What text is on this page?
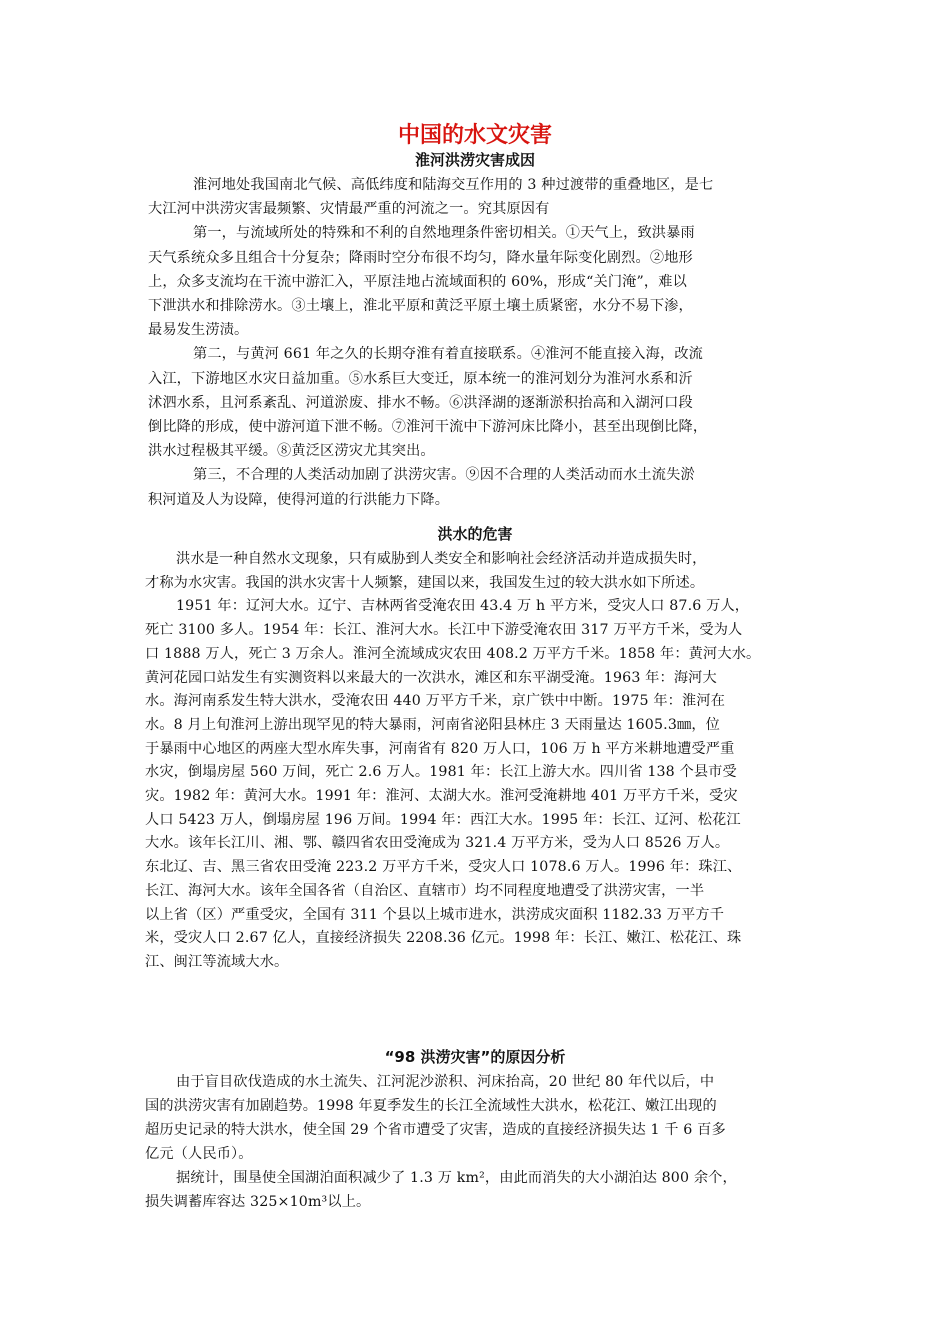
中国的水文灾害
淮河洪涝灾害成因
淮河地处我国南北气候、高低纬度和陆海交互作用的 3 种过渡带的重叠地区，是七
大江河中洪涝灾害最频繁、灾情最严重的河流之一。究其原因有
第一，与流域所处的特殊和不利的自然地理条件密切相关。①天气上，致洪暴雨
天气系统众多且组合十分复杂；降雨时空分布很不均匀，降水量年际变化剧烈。②地形
上，众多支流均在干流中游汇入，平原洼地占流域面积的 60%，形成“关门淹”，难以
下泄洪水和排除涝水。③土壤上，淮北平原和黄泛平原土壤土质紧密，水分不易下渗，
最易发生涝渍。
第二，与黄河 661 年之久的长期夺淮有着直接联系。④淮河不能直接入海，改流
入江，下游地区水灾日益加重。⑤水系巨大变迁，原本统一的淮河划分为淮河水系和沂
沭泗水系，且河系紊乱、河道淤废、排水不畅。⑥洪泽湖的逐渐淤积抬高和入湖河口段
倒比降的形成，使中游河道下泄不畅。⑦淮河干流中下游河床比降小，甚至出现倒比降，
洪水过程极其平缓。⑧黄泛区涝灾尤其突出。
第三，不合理的人类活动加剧了洪涝灾害。⑨因不合理的人类活动而水土流失淤
积河道及人为设障，使得河道的行洪能力下降。
洪水的危害
洪水是一种自然水文现象，只有威胁到人类安全和影响社会经济活动并造成损失时，
才称为水灾害。我国的洪水灾害十人频繁，建国以来，我国发生过的较大洪水如下所述。
1951 年：辽河大水。辽宁、吉林两省受淹农田 43.4 万 h 平方米，受灾人口 87.6 万人，
死亡 3100 多人。1954 年：长江、淮河大水。长江中下游受淹农田 317 万平方千米，受为人
口 1888 万人，死亡 3 万余人。淮河全流域成灾农田 408.2 万平方千米。1858 年：黄河大水。
黄河花园口站发生有实测资料以来最大的一次洪水，滩区和东平湖受淹。1963 年：海河大
水。海河南系发生特大洪水，受淹农田 440 万平方千米，京广铁中中断。1975 年：淮河在
水。8 月上旬淮河上游出现罕见的特大暴雨，河南省泌阳县林庄 3 天雨量达 1605.3㎜，位
于暴雨中心地区的两座大型水库失事，河南省有 820 万人口，106 万 h 平方米耕地遭受严重
水灾，倒塌房屋 560 万间，死亡 2.6 万人。1981 年：长江上游大水。四川省 138 个县市受
灾。1982 年：黄河大水。1991 年：淮河、太湖大水。淮河受淹耕地 401 万平方千米，受灾
人口 5423 万人，倒塌房屋 196 万间。1994 年：西江大水。1995 年：长江、辽河、松花江
大水。该年长江川、湘、鄂、赣四省农田受淹成为 321.4 万平方米，受为人口 8526 万人。
东北辽、吉、黑三省农田受淹 223.2 万平方千米，受灾人口 1078.6 万人。1996 年：珠江、
长江、海河大水。该年全国各省（自治区、直辖市）均不同程度地遭受了洪涝灾害，一半
以上省（区）严重受灾，全国有 311 个县以上城市进水，洪涝成灾面积 1182.33 万平方千
米，受灾人口 2.67 亿人，直接经济损失 2208.36 亿元。1998 年：长江、嫩江、松花江、珠
江、闽江等流域大水。
“98 洪涝灾害”的原因分析
由于盲目砍伐造成的水土流失、江河泥沙淤积、河床抬高，20 世纪 80 年代以后，中
国的洪涝灾害有加剧趋势。1998 年夏季发生的长江全流域性大洪水，松花江、嫩江出现的
超历史记录的特大洪水，使全国 29 个省市遭受了灾害，造成的直接经济损失达 1 千 6 百多
亿元（人民币）。
据统计，围垦使全国湖泊面积减少了 1.3 万 km²，由此而消失的大小湖泊达 800 余个，
损失调蓄库容达 325×10m³以上。
